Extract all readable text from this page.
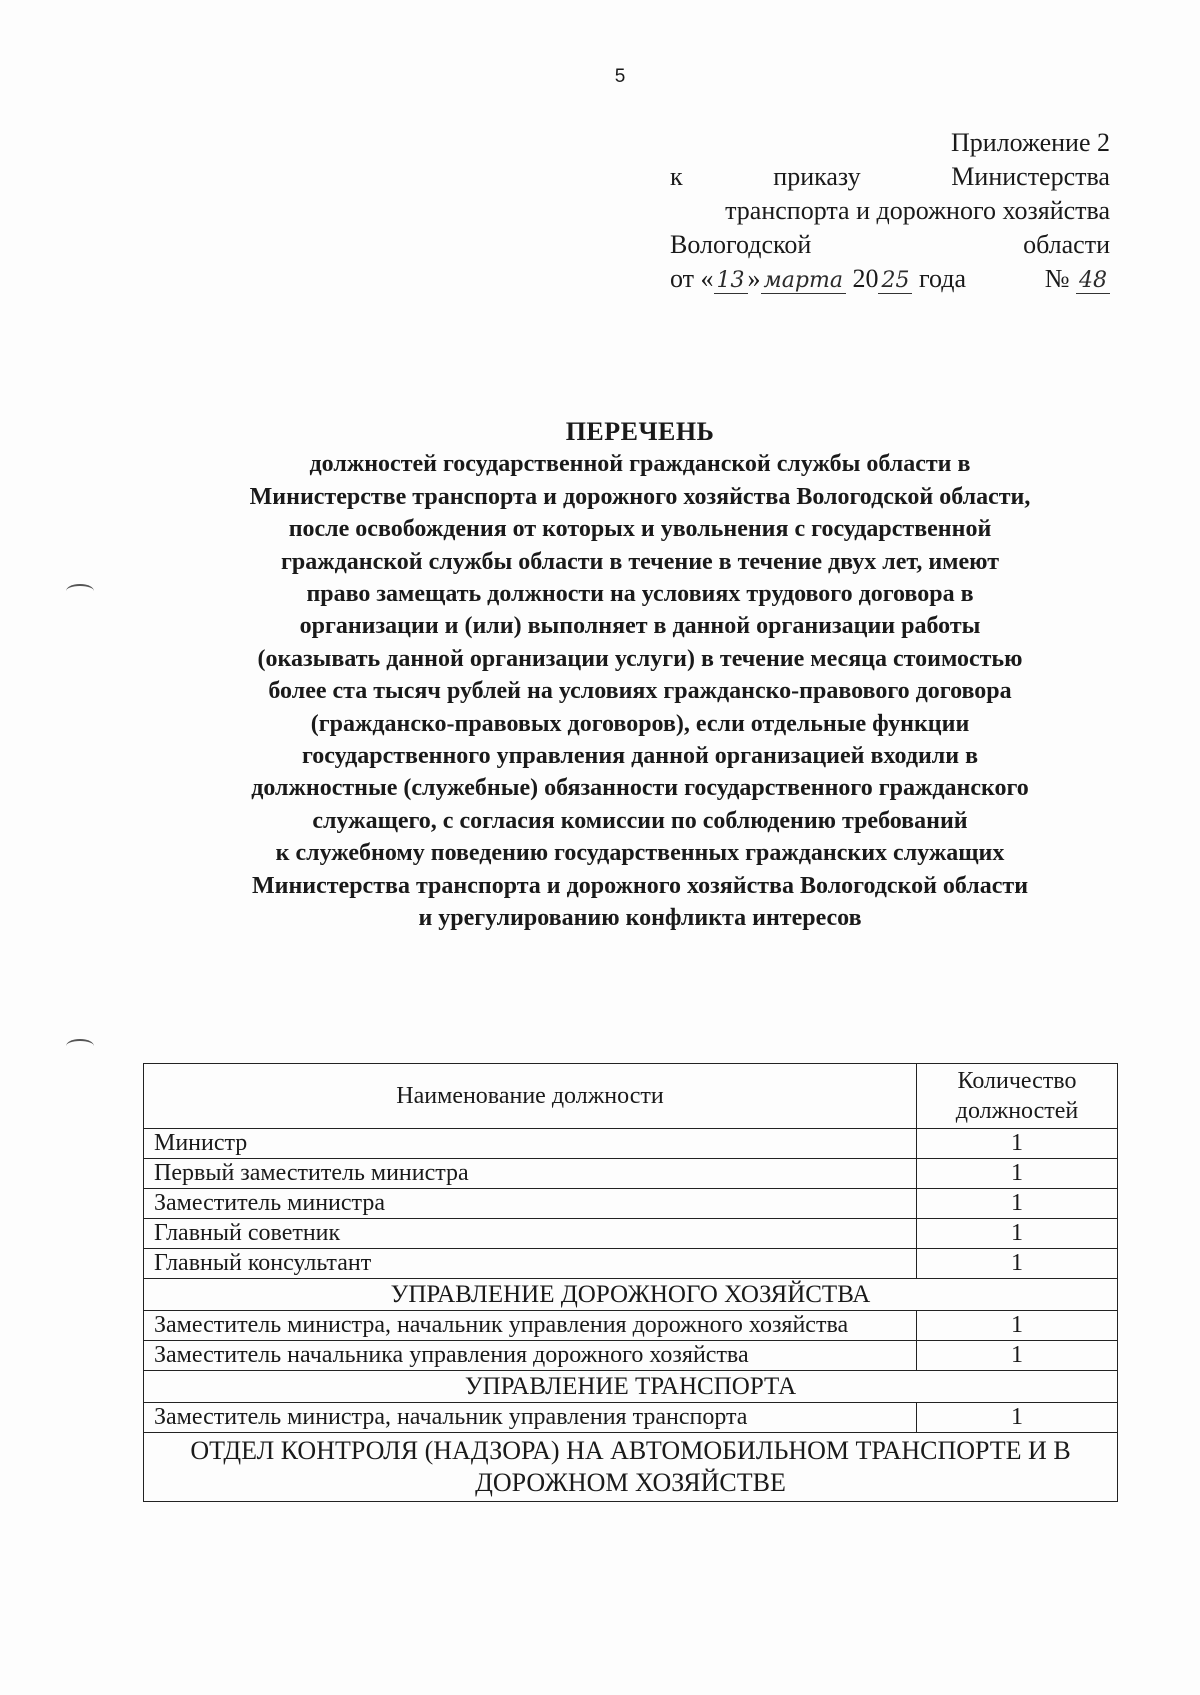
5
Приложение 2
к	приказу	Министерства
транспорта и дорожного хозяйства
Вологодской	области
от « 13 » марта 20 25 года	№ 48
ПЕРЕЧЕНЬ
должностей государственной гражданской службы области в
Министерстве транспорта и дорожного хозяйства Вологодской области,
после освобождения от которых и увольнения с государственной
гражданской службы области в течение в течение двух лет, имеют
право замещать должности на условиях трудового договора в
организации и (или) выполняет в данной организации работы
(оказывать данной организации услуги) в течение месяца стоимостью
более ста тысяч рублей на условиях гражданско-правового договора
(гражданско-правовых договоров), если отдельные функции
государственного управления данной организацией входили в
должностные (служебные) обязанности государственного гражданского
служащего, с согласия комиссии по соблюдению требований
к служебному поведению государственных гражданских служащих
Министерства транспорта и дорожного хозяйства Вологодской области
и урегулированию конфликта интересов
Наименование должности	Количество должностей
Министр	1
Первый заместитель министра	1
Заместитель министра	1
Главный советник	1
Главный консультант	1
УПРАВЛЕНИЕ ДОРОЖНОГО ХОЗЯЙСТВА	
Заместитель министра, начальник управления дорожного хозяйства	1
Заместитель начальника управления дорожного хозяйства	1
УПРАВЛЕНИЕ ТРАНСПОРТА	
Заместитель министра, начальник управления транспорта	1
ОТДЕЛ КОНТРОЛЯ (НАДЗОРА) НА АВТОМОБИЛЬНОМ ТРАНСПОРТЕ И В ДОРОЖНОМ ХОЗЯЙСТВЕ	
